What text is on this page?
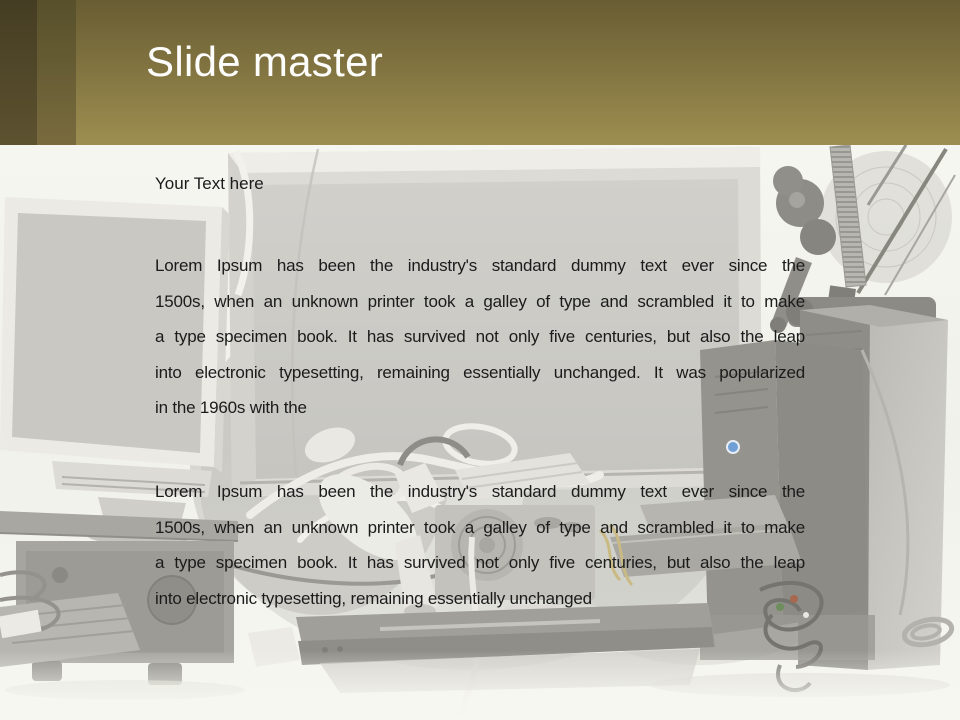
Slide master
Your Text here
Lorem Ipsum has been the industry's standard dummy text ever since the
1500s, when an unknown printer took a galley of type and scrambled it to make
a type specimen book. It has survived not only five centuries, but also the leap
into electronic typesetting, remaining essentially unchanged. It was popularized
in the 1960s with the
Lorem Ipsum has been the industry's standard dummy text ever since the
1500s, when an unknown printer took a galley of type and scrambled it to make
a type specimen book. It has survived not only five centuries, but also the leap
into electronic typesetting, remaining essentially unchanged
